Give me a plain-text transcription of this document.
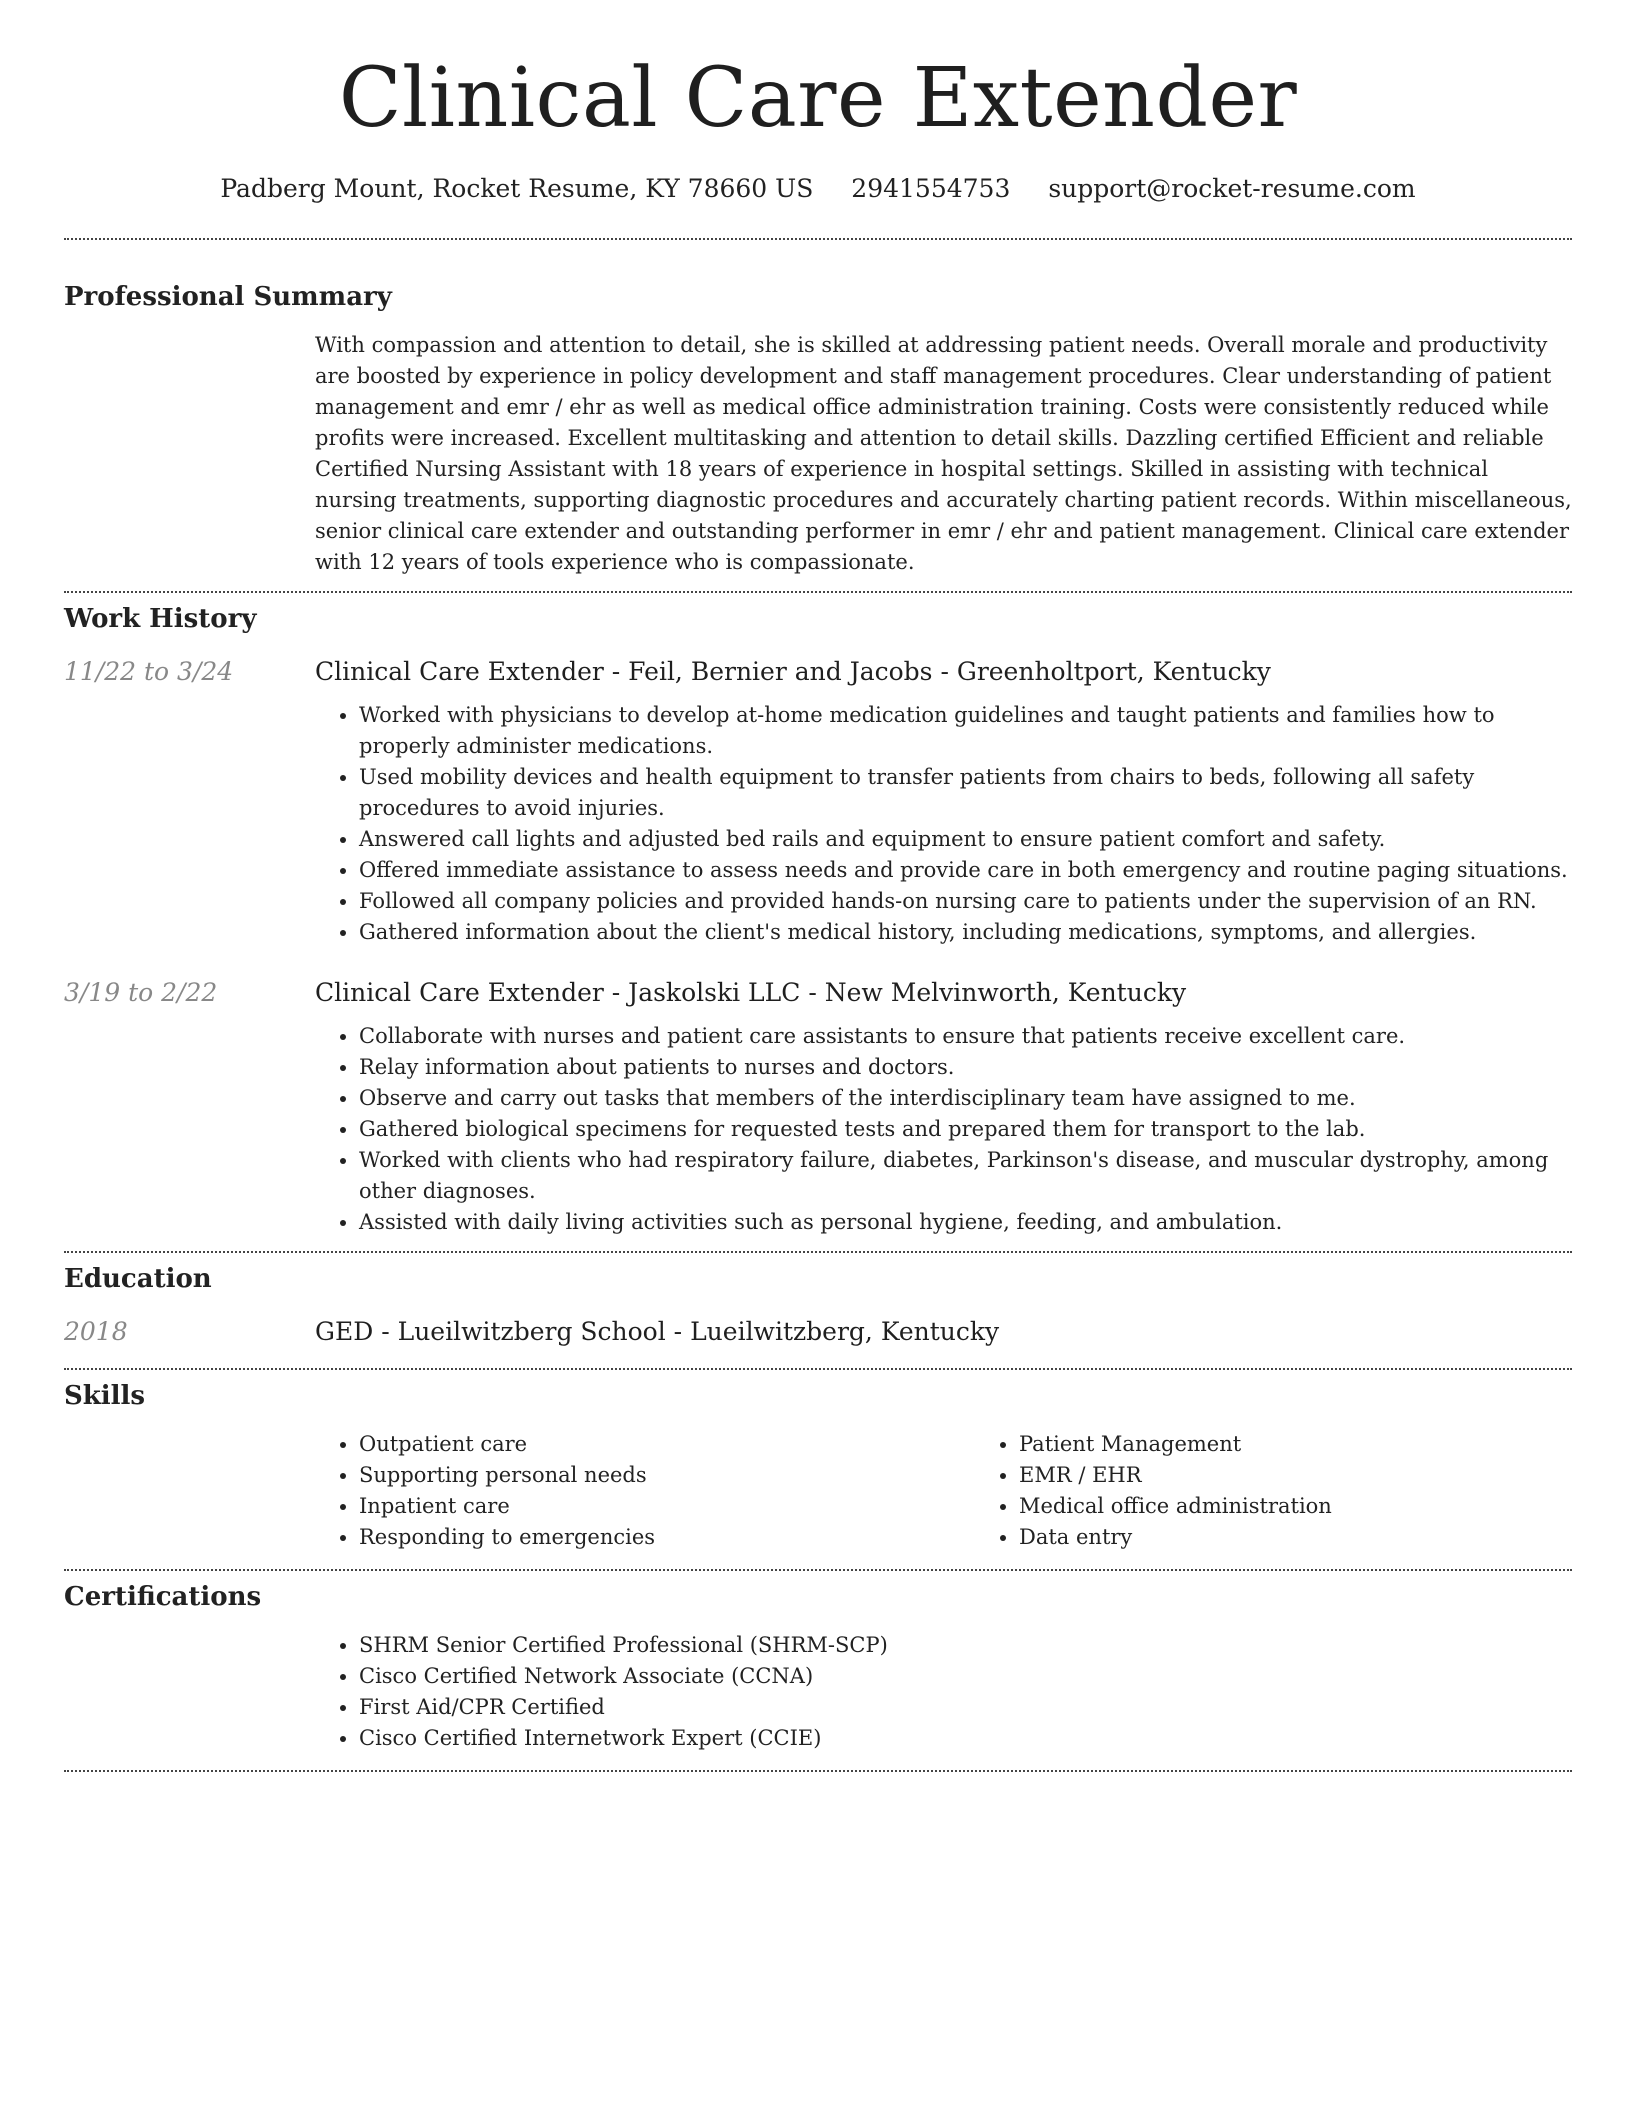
Clinical Care Extender
Padberg Mount, Rocket Resume, KY 78660 US 2941554753 support@rocket-resume.com
Professional Summary
With compassion and attention to detail, she is skilled at addressing patient needs. Overall morale and productivity are boosted by experience in policy development and staff management procedures. Clear understanding of patient management and emr / ehr as well as medical office administration training. Costs were consistently reduced while profits were increased. Excellent multitasking and attention to detail skills. Dazzling certified Efficient and reliable Certified Nursing Assistant with 18 years of experience in hospital settings. Skilled in assisting with technical nursing treatments, supporting diagnostic procedures and accurately charting patient records. Within miscellaneous, senior clinical care extender and outstanding performer in emr / ehr and patient management. Clinical care extender with 12 years of tools experience who is compassionate.
Work History
11/22 to 3/24	Clinical Care Extender - Feil, Bernier and Jacobs - Greenholtport, Kentucky
• Worked with physicians to develop at-home medication guidelines and taught patients and families how to properly administer medications.
• Used mobility devices and health equipment to transfer patients from chairs to beds, following all safety procedures to avoid injuries.
• Answered call lights and adjusted bed rails and equipment to ensure patient comfort and safety.
• Offered immediate assistance to assess needs and provide care in both emergency and routine paging situations.
• Followed all company policies and provided hands-on nursing care to patients under the supervision of an RN.
• Gathered information about the client's medical history, including medications, symptoms, and allergies.
3/19 to 2/22	Clinical Care Extender - Jaskolski LLC - New Melvinworth, Kentucky
• Collaborate with nurses and patient care assistants to ensure that patients receive excellent care.
• Relay information about patients to nurses and doctors.
• Observe and carry out tasks that members of the interdisciplinary team have assigned to me.
• Gathered biological specimens for requested tests and prepared them for transport to the lab.
• Worked with clients who had respiratory failure, diabetes, Parkinson's disease, and muscular dystrophy, among other diagnoses.
• Assisted with daily living activities such as personal hygiene, feeding, and ambulation.
Education
2018	GED - Lueilwitzberg School - Lueilwitzberg, Kentucky
Skills
• Outpatient care
• Supporting personal needs
• Inpatient care
• Responding to emergencies
• Patient Management
• EMR / EHR
• Medical office administration
• Data entry
Certifications
• SHRM Senior Certified Professional (SHRM-SCP)
• Cisco Certified Network Associate (CCNA)
• First Aid/CPR Certified
• Cisco Certified Internetwork Expert (CCIE)
